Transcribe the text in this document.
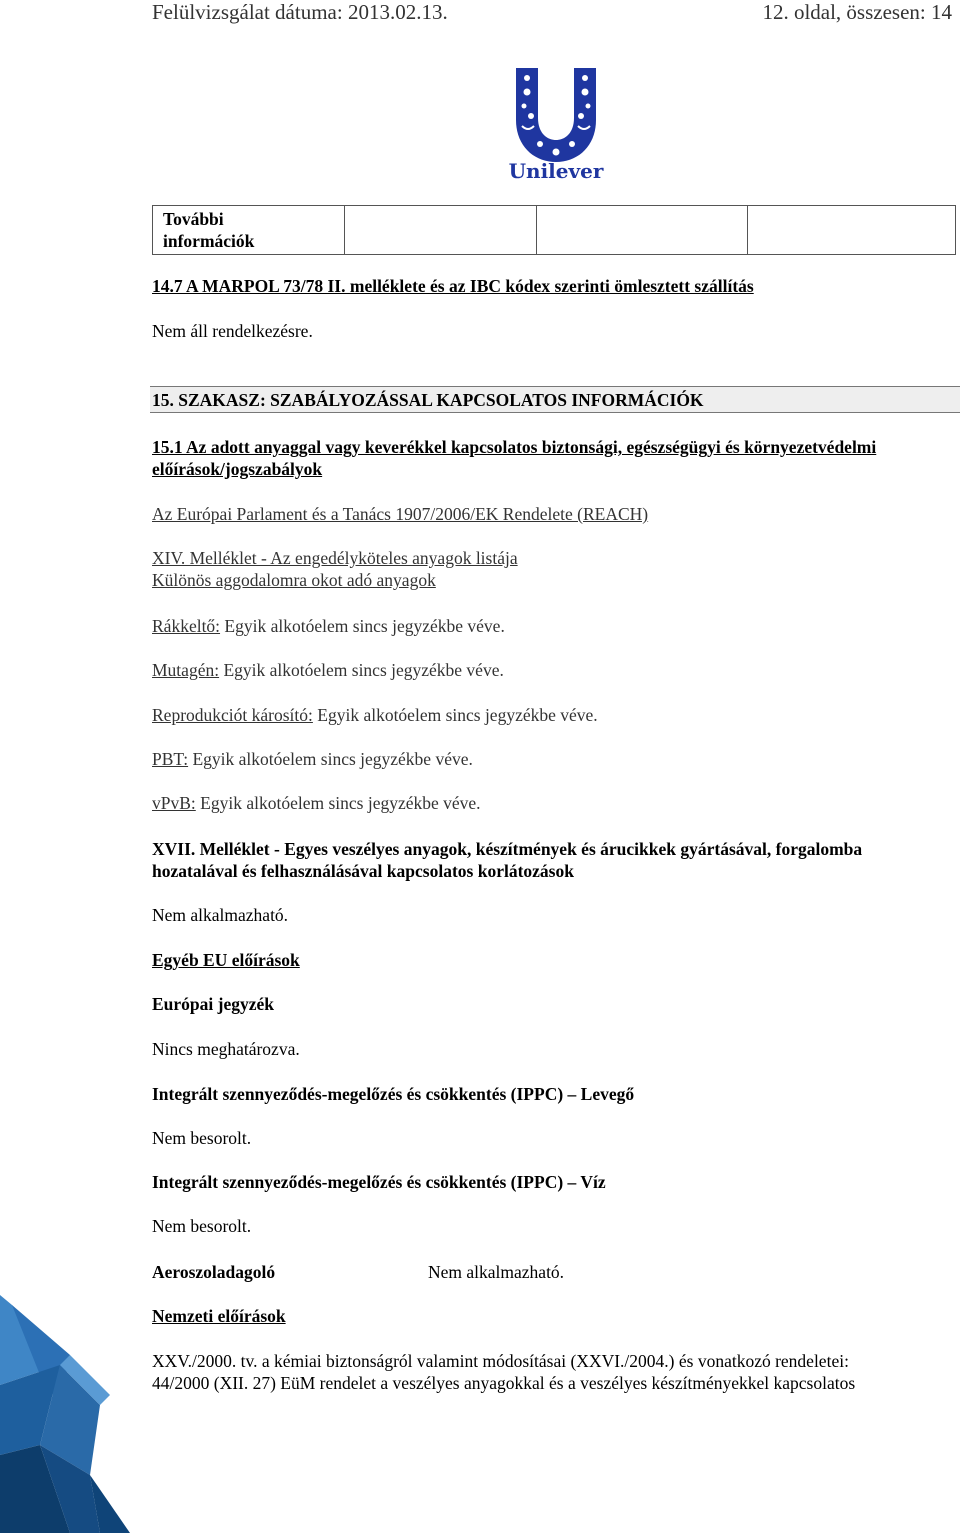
Felülvizsgálat dátuma: 2013.02.13.	12. oldal, összesen: 14
Unilever
További
információk			
14.7 A MARPOL 73/78 II. melléklete és az IBC kódex szerinti ömlesztett szállítás
Nem áll rendelkezésre.
15. SZAKASZ: SZABÁLYOZÁSSAL KAPCSOLATOS INFORMÁCIÓK
15.1 Az adott anyaggal vagy keverékkel kapcsolatos biztonsági, egészségügyi és környezetvédelmi
előírások/jogszabályok
Az Európai Parlament és a Tanács 1907/2006/EK Rendelete (REACH)
XIV. Melléklet - Az engedélyköteles anyagok listája
Különös aggodalomra okot adó anyagok
Rákkeltő: Egyik alkotóelem sincs jegyzékbe véve.
Mutagén: Egyik alkotóelem sincs jegyzékbe véve.
Reprodukciót károsító: Egyik alkotóelem sincs jegyzékbe véve.
PBT: Egyik alkotóelem sincs jegyzékbe véve.
vPvB: Egyik alkotóelem sincs jegyzékbe véve.
XVII. Melléklet - Egyes veszélyes anyagok, készítmények és árucikkek gyártásával, forgalomba
hozatalával és felhasználásával kapcsolatos korlátozások
Nem alkalmazható.
Egyéb EU előírások
Európai jegyzék
Nincs meghatározva.
Integrált szennyeződés-megelőzés és csökkentés (IPPC) – Levegő
Nem besorolt.
Integrált szennyeződés-megelőzés és csökkentés (IPPC) – Víz
Nem besorolt.
Aeroszoladagoló	Nem alkalmazható.
Nemzeti előírások
XXV./2000. tv. a kémiai biztonságról valamint módosításai (XXVI./2004.) és vonatkozó rendeletei:
44/2000 (XII. 27) EüM rendelet a veszélyes anyagokkal és a veszélyes készítményekkel kapcsolatos
